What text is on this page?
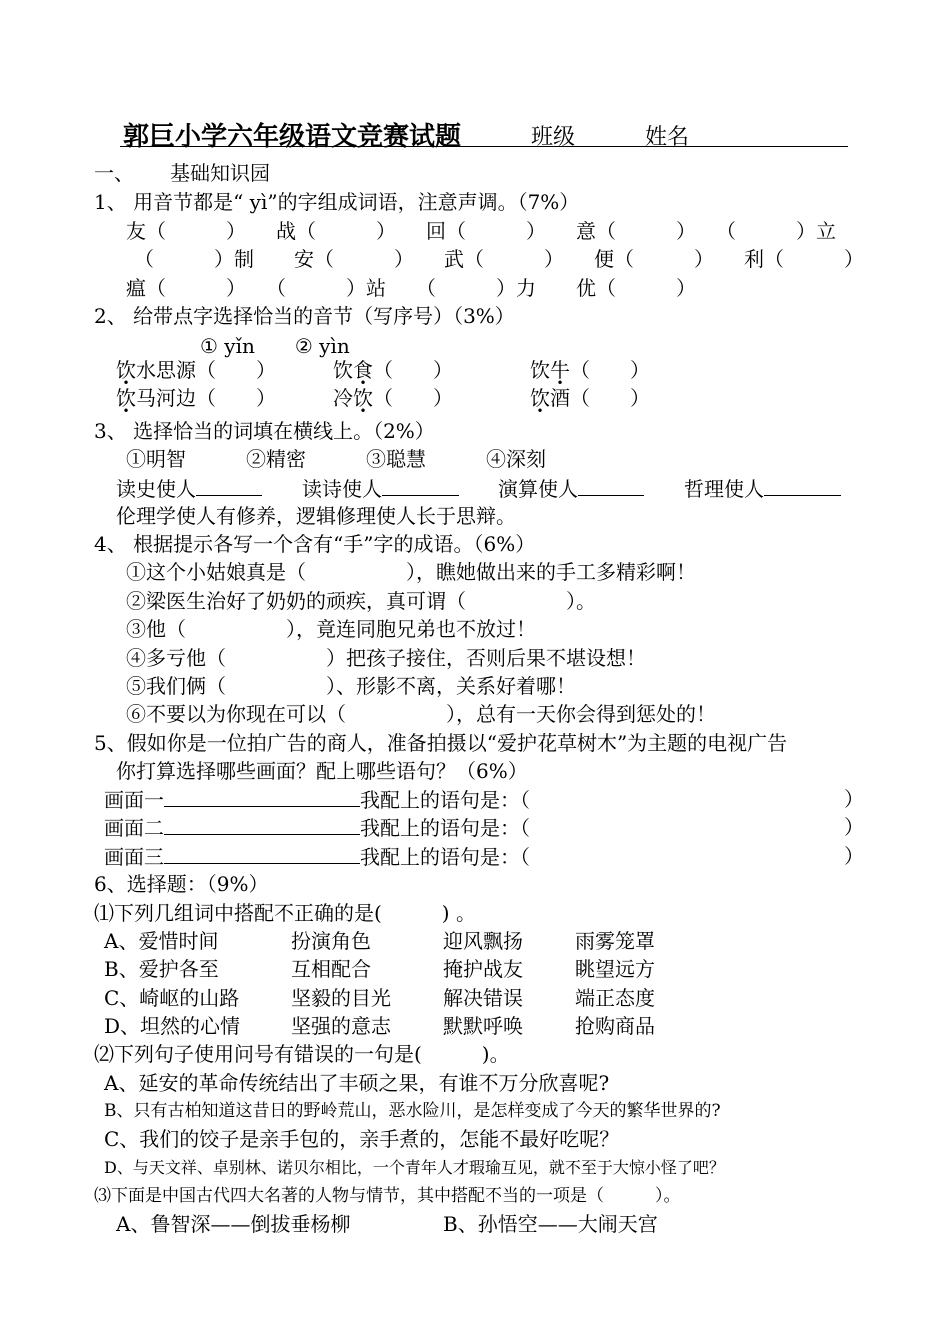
郭巨小学六年级语文竞赛试题	班级	姓名
一、 基础知识园
1、 用音节都是“ yì”的字组成词语，注意声调。（7%）
友（　　　）　　战（　　　）　　回（　　　）　　意（　　　）　　（　　　）立
（　　　）制　　安（　　　）　　武（　　　）　　便（　　　）　　利（　　　）
瘟（　　　）　　（　　　）站　　（　　　）力　　优（　　　）
2、 给带点字选择恰当的音节（写序号）（3%）
① yǐn　　② yìn
饮水思源（　　）	饮食（　　）	饮牛（　　）
饮马河边（　　）	冷饮（　　）	饮酒（　　）
3、 选择恰当的词填在横线上。（2%）
①明智　　　②精密　　　③聪慧　　　④深刻
读史使人	读诗使人	演算使人	哲理使人
伦理学使人有修养，逻辑修理使人长于思辩。
4、 根据提示各写一个含有“手”字的成语。（6%）
①这个小姑娘真是（　　　　　），瞧她做出来的手工多精彩啊！
②梁医生治好了奶奶的顽疾，真可谓（　　　　　）。
③他（　　　　　），竟连同胞兄弟也不放过！
④多亏他（　　　　　）把孩子接住，否则后果不堪设想！
⑤我们俩（　　　　　）、形影不离，关系好着哪！
⑥不要以为你现在可以（　　　　　），总有一天你会得到惩处的！
5、假如你是一位拍广告的商人，准备拍摄以“爱护花草树木”为主题的电视广告
你打算选择哪些画面？配上哪些语句？（6%）
画面一	我配上的语句是：（	）
画面二	我配上的语句是：（	）
画面三	我配上的语句是：（	）
6、选择题：（9%）
⑴下列几组词中搭配不正确的是(　　　) 。
A、爱惜时间	扮演角色	迎风飘扬	雨雾笼罩
B、爱护各至	互相配合	掩护战友	眺望远方
C、崎岖的山路	坚毅的目光	解决错误	端正态度
D、坦然的心情	坚强的意志	默默呼唤	抢购商品
⑵下列句子使用问号有错误的一句是(　　　)。
A、延安的革命传统结出了丰硕之果，有谁不万分欣喜呢?
B、只有古柏知道这昔日的野岭荒山，恶水险川，是怎样变成了今天的繁华世界的?
C、我们的饺子是亲手包的，亲手煮的，怎能不最好吃呢？
D、与天文祥、卓别林、诺贝尔相比，一个青年人才瑕瑜互见，就不至于大惊小怪了吧？
⑶下面是中国古代四大名著的人物与情节，其中搭配不当的一项是（　　　）。
A、鲁智深——倒拔垂杨柳	B、孙悟空——大闹天宫
